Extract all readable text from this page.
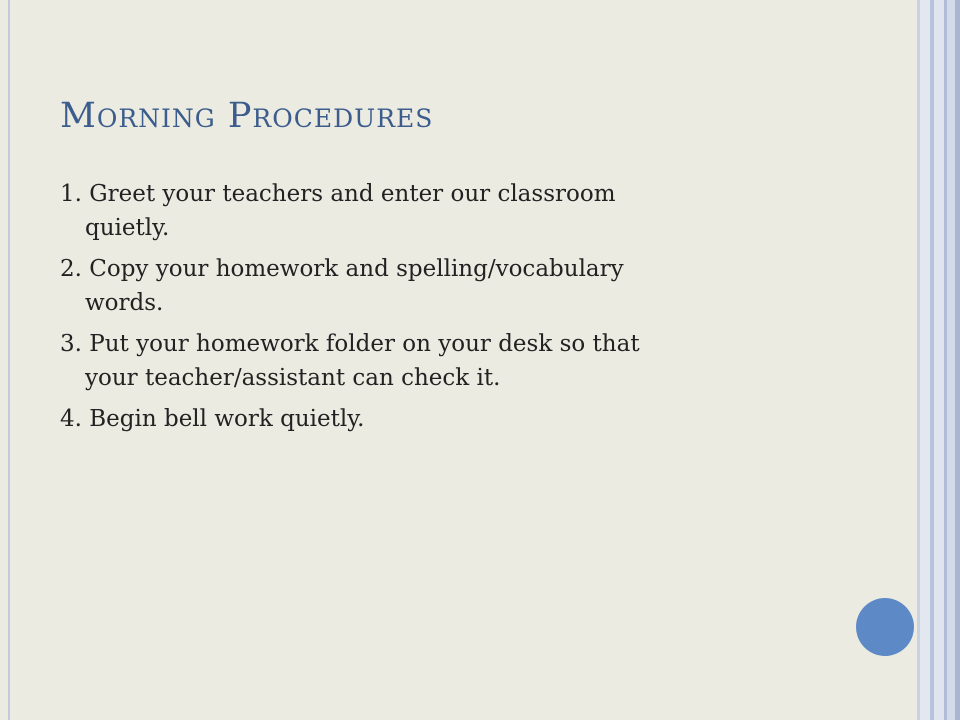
Morning Procedures
1. Greet your teachers and enter our classroom
quietly.
2. Copy your homework and spelling/vocabulary
words.
3. Put your homework folder on your desk so that
your teacher/assistant can check it.
4. Begin bell work quietly.
